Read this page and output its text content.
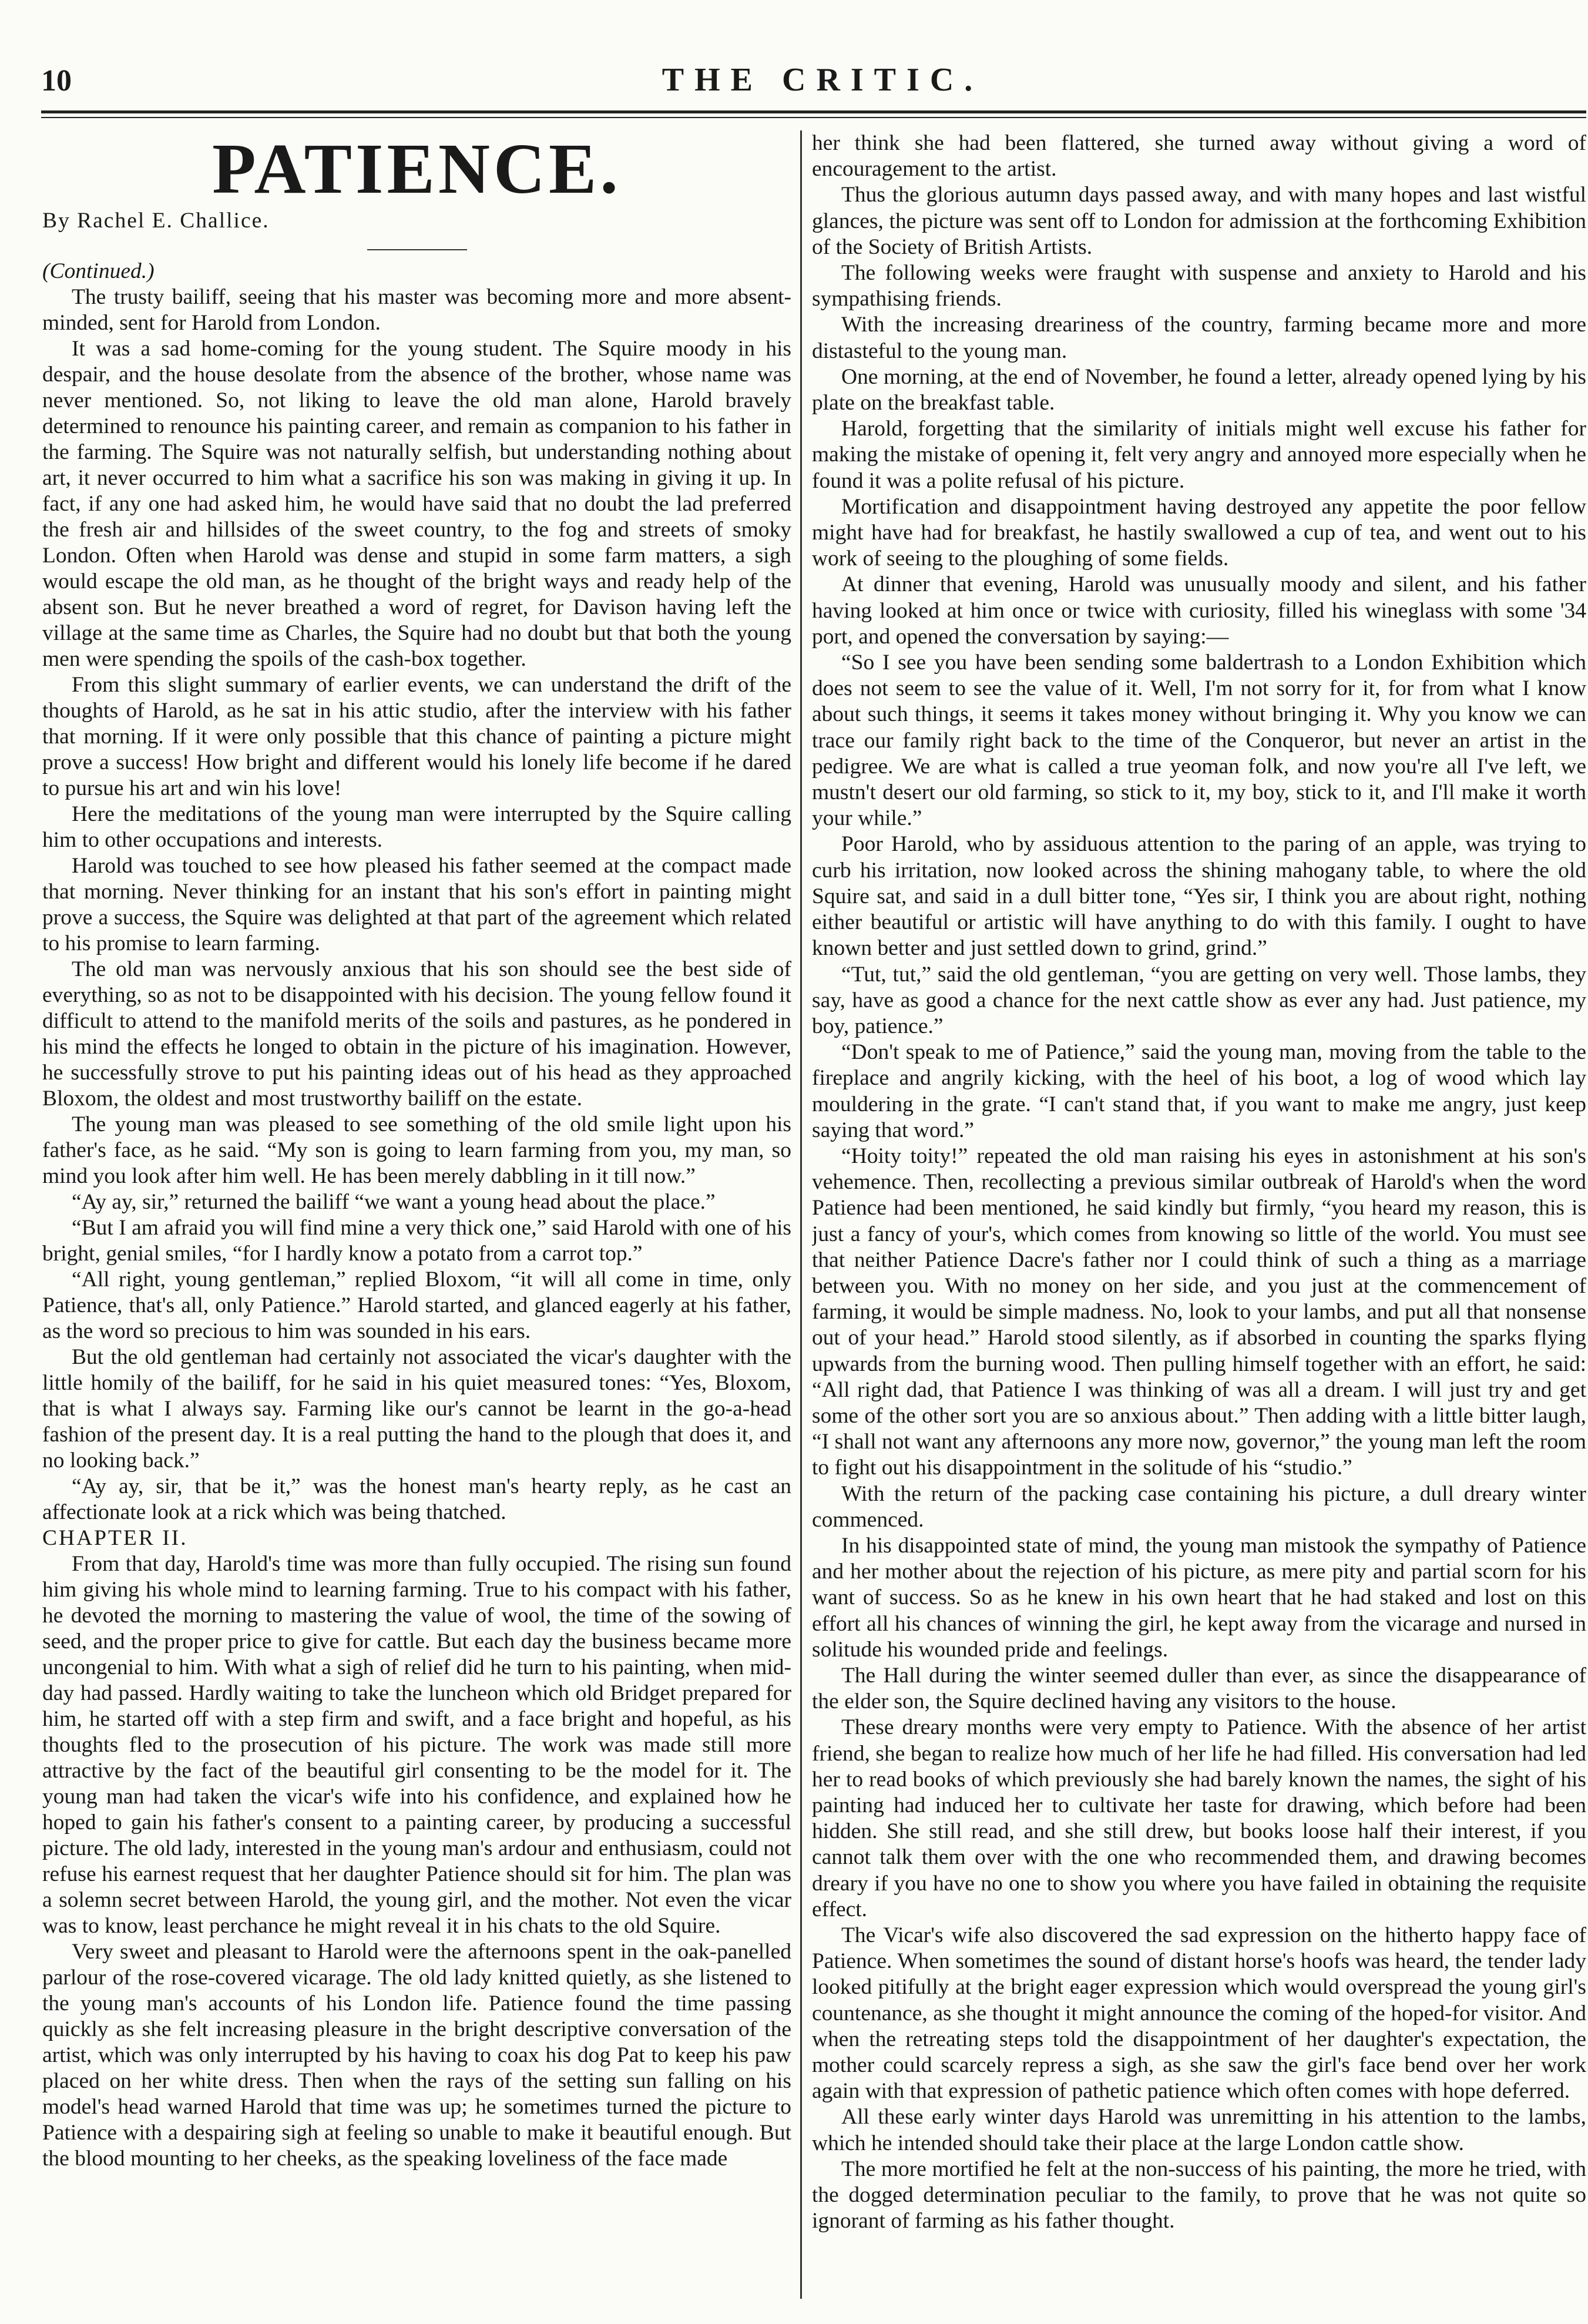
10	THE CRITIC.
PATIENCE.

By Rachel E. Challice.

(Continued.)

The trusty bailiff, seeing that his master was becoming more and more absent-minded, sent for Harold from London.

It was a sad home-coming for the young student. The Squire moody in his despair, and the house desolate from the absence of the brother, whose name was never mentioned. So, not liking to leave the old man alone, Harold bravely determined to renounce his painting career, and remain as companion to his father in the farming. The Squire was not naturally selfish, but understanding nothing about art, it never occurred to him what a sacrifice his son was making in giving it up. In fact, if any one had asked him, he would have said that no doubt the lad preferred the fresh air and hillsides of the sweet country, to the fog and streets of smoky London. Often when Harold was dense and stupid in some farm matters, a sigh would escape the old man, as he thought of the bright ways and ready help of the absent son. But he never breathed a word of regret, for Davison having left the village at the same time as Charles, the Squire had no doubt but that both the young men were spending the spoils of the cash-box together.

From this slight summary of earlier events, we can understand the drift of the thoughts of Harold, as he sat in his attic studio, after the interview with his father that morning. If it were only possible that this chance of painting a picture might prove a success! How bright and different would his lonely life become if he dared to pursue his art and win his love!

Here the meditations of the young man were interrupted by the Squire calling him to other occupations and interests.

Harold was touched to see how pleased his father seemed at the compact made that morning. Never thinking for an instant that his son's effort in painting might prove a success, the Squire was delighted at that part of the agreement which related to his promise to learn farming.

The old man was nervously anxious that his son should see the best side of everything, so as not to be disappointed with his decision. The young fellow found it difficult to attend to the manifold merits of the soils and pastures, as he pondered in his mind the effects he longed to obtain in the picture of his imagination. However, he successfully strove to put his painting ideas out of his head as they approached Bloxom, the oldest and most trustworthy bailiff on the estate.

The young man was pleased to see something of the old smile light upon his father's face, as he said. “My son is going to learn farming from you, my man, so mind you look after him well. He has been merely dabbling in it till now.”

“Ay ay, sir,” returned the bailiff “we want a young head about the place.”

“But I am afraid you will find mine a very thick one,” said Harold with one of his bright, genial smiles, “for I hardly know a potato from a carrot top.”

“All right, young gentleman,” replied Bloxom, “it will all come in time, only Patience, that's all, only Patience.” Harold started, and glanced eagerly at his father, as the word so precious to him was sounded in his ears.

But the old gentleman had certainly not associated the vicar's daughter with the little homily of the bailiff, for he said in his quiet measured tones: “Yes, Bloxom, that is what I always say. Farming like our's cannot be learnt in the go-a-head fashion of the present day. It is a real putting the hand to the plough that does it, and no looking back.”

“Ay ay, sir, that be it,” was the honest man's hearty reply, as he cast an affectionate look at a rick which was being thatched.

CHAPTER II.

From that day, Harold's time was more than fully occupied. The rising sun found him giving his whole mind to learning farming. True to his compact with his father, he devoted the morning to mastering the value of wool, the time of the sowing of seed, and the proper price to give for cattle. But each day the business became more uncongenial to him. With what a sigh of relief did he turn to his painting, when mid-day had passed. Hardly waiting to take the luncheon which old Bridget prepared for him, he started off with a step firm and swift, and a face bright and hopeful, as his thoughts fled to the prosecution of his picture. The work was made still more attractive by the fact of the beautiful girl consenting to be the model for it. The young man had taken the vicar's wife into his confidence, and explained how he hoped to gain his father's consent to a painting career, by producing a successful picture. The old lady, interested in the young man's ardour and enthusiasm, could not refuse his earnest request that her daughter Patience should sit for him. The plan was a solemn secret between Harold, the young girl, and the mother. Not even the vicar was to know, least perchance he might reveal it in his chats to the old Squire.

Very sweet and pleasant to Harold were the afternoons spent in the oak-panelled parlour of the rose-covered vicarage. The old lady knitted quietly, as she listened to the young man's accounts of his London life. Patience found the time passing quickly as she felt increasing pleasure in the bright descriptive conversation of the artist, which was only interrupted by his having to coax his dog Pat to keep his paw placed on her white dress. Then when the rays of the setting sun falling on his model's head warned Harold that time was up; he sometimes turned the picture to Patience with a despairing sigh at feeling so unable to make it beautiful enough. But the blood mounting to her cheeks, as the speaking loveliness of the face made

her think she had been flattered, she turned away without giving a word of encouragement to the artist.

Thus the glorious autumn days passed away, and with many hopes and last wistful glances, the picture was sent off to London for admission at the forthcoming Exhibition of the Society of British Artists.

The following weeks were fraught with suspense and anxiety to Harold and his sympathising friends.

With the increasing dreariness of the country, farming became more and more distasteful to the young man.

One morning, at the end of November, he found a letter, already opened lying by his plate on the breakfast table.

Harold, forgetting that the similarity of initials might well excuse his father for making the mistake of opening it, felt very angry and annoyed more especially when he found it was a polite refusal of his picture.

Mortification and disappointment having destroyed any appetite the poor fellow might have had for breakfast, he hastily swallowed a cup of tea, and went out to his work of seeing to the ploughing of some fields.

At dinner that evening, Harold was unusually moody and silent, and his father having looked at him once or twice with curiosity, filled his wineglass with some '34 port, and opened the conversation by saying:—

“So I see you have been sending some baldertrash to a London Exhibition which does not seem to see the value of it. Well, I'm not sorry for it, for from what I know about such things, it seems it takes money without bringing it. Why you know we can trace our family right back to the time of the Conqueror, but never an artist in the pedigree. We are what is called a true yeoman folk, and now you're all I've left, we mustn't desert our old farming, so stick to it, my boy, stick to it, and I'll make it worth your while.”

Poor Harold, who by assiduous attention to the paring of an apple, was trying to curb his irritation, now looked across the shining mahogany table, to where the old Squire sat, and said in a dull bitter tone, “Yes sir, I think you are about right, nothing either beautiful or artistic will have anything to do with this family. I ought to have known better and just settled down to grind, grind.”

“Tut, tut,” said the old gentleman, “you are getting on very well. Those lambs, they say, have as good a chance for the next cattle show as ever any had. Just patience, my boy, patience.”

“Don't speak to me of Patience,” said the young man, moving from the table to the fireplace and angrily kicking, with the heel of his boot, a log of wood which lay mouldering in the grate. “I can't stand that, if you want to make me angry, just keep saying that word.”

“Hoity toity!” repeated the old man raising his eyes in astonishment at his son's vehemence. Then, recollecting a previous similar outbreak of Harold's when the word Patience had been mentioned, he said kindly but firmly, “you heard my reason, this is just a fancy of your's, which comes from knowing so little of the world. You must see that neither Patience Dacre's father nor I could think of such a thing as a marriage between you. With no money on her side, and you just at the commencement of farming, it would be simple madness. No, look to your lambs, and put all that nonsense out of your head.” Harold stood silently, as if absorbed in counting the sparks flying upwards from the burning wood. Then pulling himself together with an effort, he said: “All right dad, that Patience I was thinking of was all a dream. I will just try and get some of the other sort you are so anxious about.” Then adding with a little bitter laugh, “I shall not want any afternoons any more now, governor,” the young man left the room to fight out his disappointment in the solitude of his “studio.”

With the return of the packing case containing his picture, a dull dreary winter commenced.

In his disappointed state of mind, the young man mistook the sympathy of Patience and her mother about the rejection of his picture, as mere pity and partial scorn for his want of success. So as he knew in his own heart that he had staked and lost on this effort all his chances of winning the girl, he kept away from the vicarage and nursed in solitude his wounded pride and feelings.

The Hall during the winter seemed duller than ever, as since the disappearance of the elder son, the Squire declined having any visitors to the house.

These dreary months were very empty to Patience. With the absence of her artist friend, she began to realize how much of her life he had filled. His conversation had led her to read books of which previously she had barely known the names, the sight of his painting had induced her to cultivate her taste for drawing, which before had been hidden. She still read, and she still drew, but books loose half their interest, if you cannot talk them over with the one who recommended them, and drawing becomes dreary if you have no one to show you where you have failed in obtaining the requisite effect.

The Vicar's wife also discovered the sad expression on the hitherto happy face of Patience. When sometimes the sound of distant horse's hoofs was heard, the tender lady looked pitifully at the bright eager expression which would overspread the young girl's countenance, as she thought it might announce the coming of the hoped-for visitor. And when the retreating steps told the disappointment of her daughter's expectation, the mother could scarcely repress a sigh, as she saw the girl's face bend over her work again with that expression of pathetic patience which often comes with hope deferred.

All these early winter days Harold was unremitting in his attention to the lambs, which he intended should take their place at the large London cattle show.

The more mortified he felt at the non-success of his painting, the more he tried, with the dogged determination peculiar to the family, to prove that he was not quite so ignorant of farming as his father thought.
